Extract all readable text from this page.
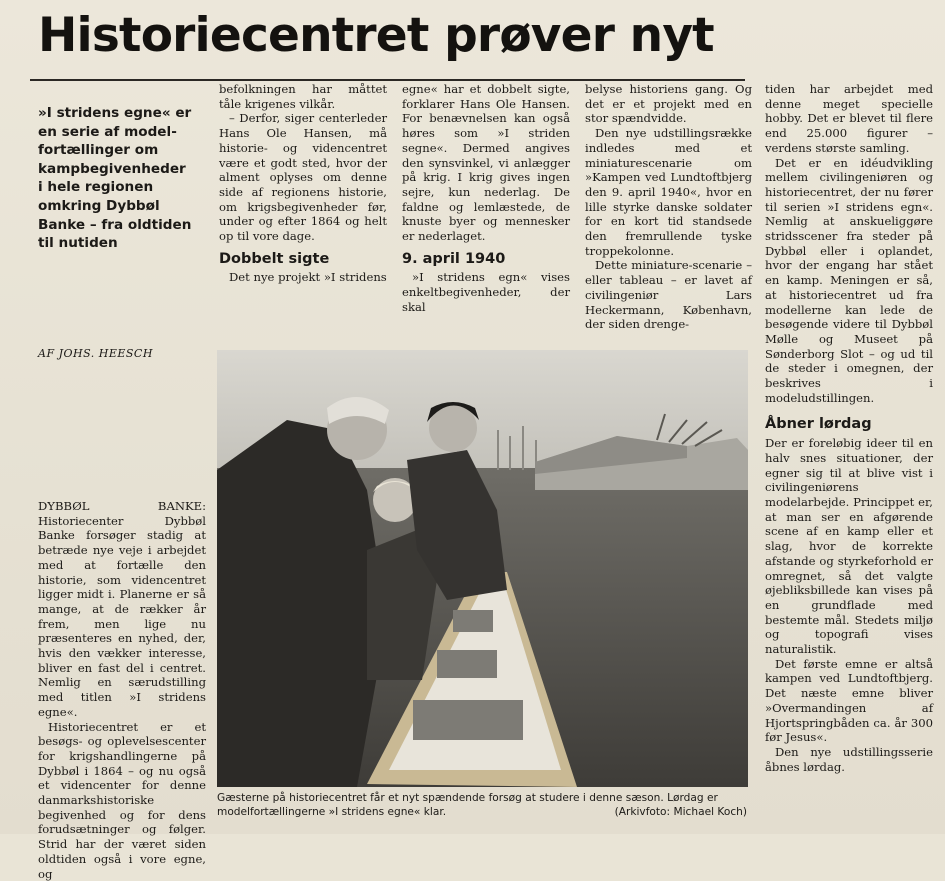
Historiecentret prøver nyt
»I stridens egne« er en serie af model-fortællinger om kampbegivenheder i hele regionen omkring Dybbøl Banke – fra oldtiden til nutiden
AF JOHS. HEESCH

DYBBØL BANKE: Historiecenter Dybbøl Banke forsøger stadig at betræde nye veje i arbejdet med at fortælle den historie, som videncentret ligger midt i. Planerne er så mange, at de rækker år frem, men lige nu præsenteres en nyhed, der, hvis den vækker interesse, bliver en fast del i centret. Nemlig en særudstilling med titlen »I stridens egne«.

Historiecentret er et besøgs- og oplevelsescenter for krigshandlingerne på Dybbøl i 1864 – og nu også et videncenter for denne danmarkshistoriske begivenhed og for dens forudsætninger og følger. Strid har der været siden oldtiden også i vore egne, og

befolkningen har måttet tåle krigenes vilkår.

– Derfor, siger centerleder Hans Ole Hansen, må historie- og videncentret være et godt sted, hvor der alment oplyses om denne side af regionens historie, om krigsbegivenheder før, under og efter 1864 og helt op til vore dage.

Dobbelt sigte

Det nye projekt »I stridens

egne« har et dobbelt sigte, forklarer Hans Ole Hansen. For benævnelsen kan også høres som »I striden segne«. Dermed angives den synsvinkel, vi anlægger på krig. I krig gives ingen sejre, kun nederlag. De faldne og lemlæstede, de knuste byer og mennesker er nederlaget.

9. april 1940

»I stridens egn« vises enkeltbegivenheder, der skal

belyse historiens gang. Og det er et projekt med en stor spændvidde.

Den nye udstillingsrække indledes med et miniaturescenarie om »Kampen ved Lundtoftbjerg den 9. april 1940«, hvor en lille styrke danske soldater for en kort tid standsede den fremrullende tyske troppekolonne.

Dette miniature-scenarie – eller tableau – er lavet af civilingeniør Lars Heckermann, København, der siden drenge-

tiden har arbejdet med denne meget specielle hobby. Det er blevet til flere end 25.000 figurer – verdens største samling.

Det er en idéudvikling mellem civilingeniøren og historiecentret, der nu fører til serien »I stridens egn«. Nemlig at anskueliggøre stridsscener fra steder på Dybbøl eller i oplandet, hvor der engang har stået en kamp. Meningen er så, at historiecentret ud fra modellerne kan lede de besøgende videre til Dybbøl Mølle og Museet på Sønderborg Slot – og ud til de steder i omegnen, der beskrives i modeludstillingen.

Åbner lørdag

Der er foreløbig ideer til en halv snes situationer, der egner sig til at blive vist i civilingeniørens modelarbejde. Princippet er, at man ser en afgørende scene af en kamp eller et slag, hvor de korrekte afstande og styrkeforhold er omregnet, så det valgte øjebliksbillede kan vises på en grundflade med bestemte mål. Stedets miljø og topografi vises naturalistik.

Det første emne er altså kampen ved Lundtoftbjerg. Det næste emne bliver »Overmandingen af Hjortspringbåden ca. år 300 før Jesus«.

Den nye udstillingsserie åbnes lørdag.

Gæsterne på historiecentret får et nyt spændende forsøg at studere i denne sæson. Lørdag er modelfortællingerne »I stridens egne« klar.	(Arkivfoto: Michael Koch)
